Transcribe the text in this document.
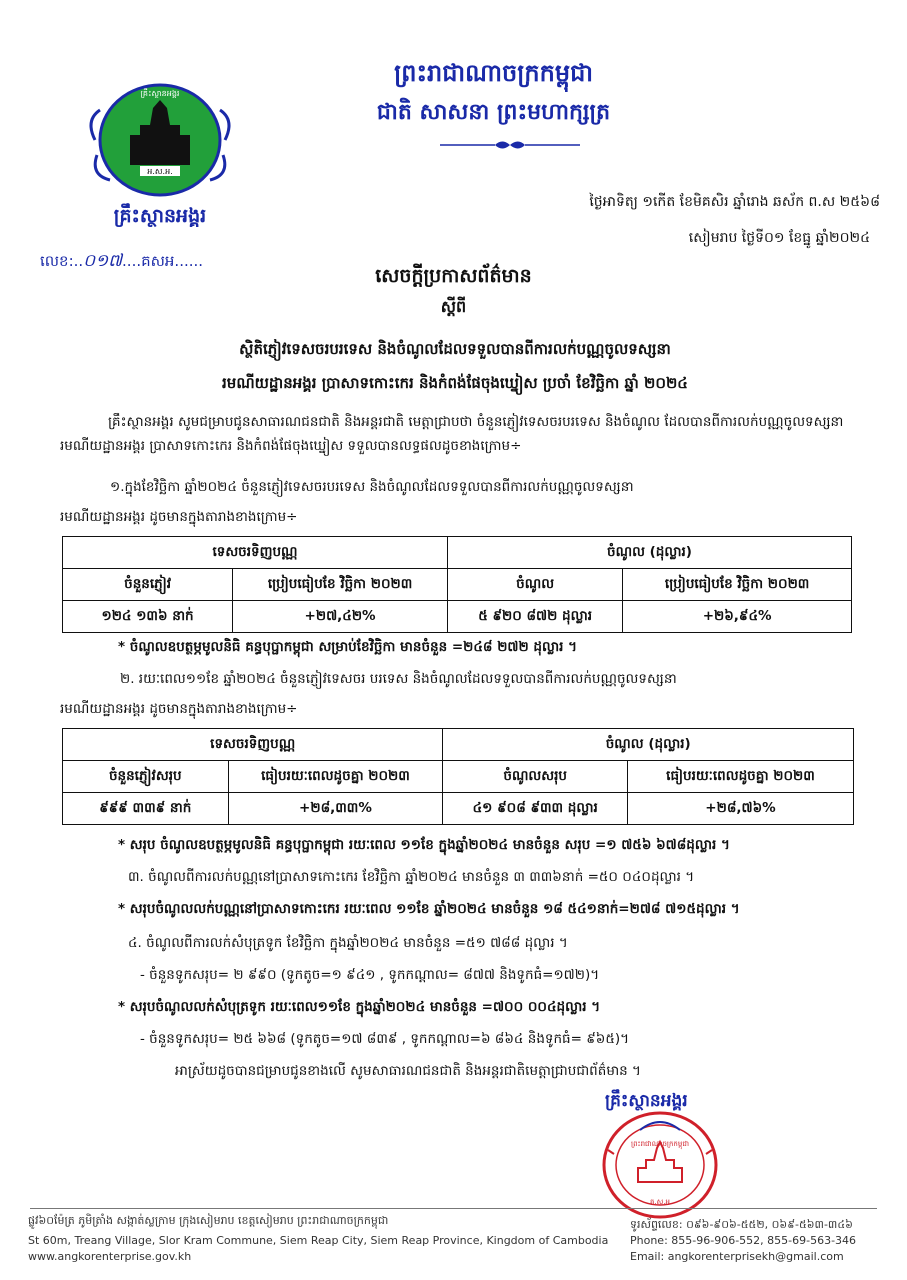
ព្រះរាជាណាចក្រកម្ពុជា
ជាតិ សាសនា ព្រះមហាក្សត្រ
គ្រឹះស្ថានអង្គរ
អ.ស.អ.
គ្រឹះស្ថានអង្គរ
លេខ:..០១៧....គសអ......
ថ្ងៃអាទិត្យ ១កើត ខែមិគសិរ ឆ្នាំរោង ឆស័ក ព.ស ២៥៦៨
សៀមរាប ថ្ងៃទី០១ ខែធ្នូ ឆ្នាំ២០២៤
សេចក្តីប្រកាសព័ត៌មាន
ស្តីពី
ស្ថិតិភ្ញៀវទេសចរបរទេស និងចំណូលដែលទទួលបានពីការលក់បណ្ណចូលទស្សនា
រមណីយដ្ឋានអង្គរ ប្រាសាទកោះកេរ និងកំពង់ផែចុងឃ្នៀស ប្រចាំ ខែវិច្ឆិកា ឆ្នាំ ២០២៤
គ្រឹះស្ថានអង្គរ សូមជម្រាបជូនសាធារណជនជាតិ និងអន្តរជាតិ មេត្តាជ្រាបថា ចំនួនភ្ញៀវទេសចរបរទេស និងចំណូល ដែលបានពីការលក់បណ្ណចូលទស្សនារមណីយដ្ឋានអង្គរ ប្រាសាទកោះកេរ និងកំពង់ផែចុងឃ្នៀស ទទួលបានលទ្ធផលដូចខាងក្រោម÷
១.ក្នុងខែវិច្ឆិកា ឆ្នាំ២០២៤ ចំនួនភ្ញៀវទេសចរបរទេស និងចំណូលដែលទទួលបានពីការលក់បណ្ណចូលទស្សនា
រមណីយដ្ឋានអង្គរ ដូចមានក្នុងតារាងខាងក្រោម÷
ទេសចរទិញបណ្ណ		ចំណូល (ដុល្លារ)	
ចំនួនភ្ញៀវ	ប្រៀបធៀបខែ វិច្ឆិកា ២០២៣	ចំណូល	ប្រៀបធៀបខែ វិច្ឆិកា ២០២៣
១២៤ ១៣៦ នាក់	+២៧,៤២%	៥ ៩២០ ៨៧២ ដុល្លារ	+២៦,៩៤%
* ចំណូលឧបត្ថម្ភមូលនិធិ គន្ធបុប្ផាកម្ពុជា សម្រាប់ខែវិច្ឆិកា មានចំនួន =២៤៨ ២៧២ ដុល្លារ ។
២. រយៈពេល១១ខែ ឆ្នាំ២០២៤ ចំនួនភ្ញៀវទេសចរ បរទេស និងចំណូលដែលទទួលបានពីការលក់បណ្ណចូលទស្សនា
រមណីយដ្ឋានអង្គរ ដូចមានក្នុងតារាងខាងក្រោម÷
ទេសចរទិញបណ្ណ		ចំណូល (ដុល្លារ)	
ចំនួនភ្ញៀវសរុប	ធៀបរយៈពេលដូចគ្នា ២០២៣	ចំណូលសរុប	ធៀបរយៈពេលដូចគ្នា ២០២៣
៩៩៩ ៣៣៩ នាក់	+២៨,៣៣%	៤១ ៩០៨ ៩៣៣ ដុល្លារ	+២៨,៧៦%
* សរុប ចំណូលឧបត្ថម្ភមូលនិធិ គន្ធបុប្ផាកម្ពុជា រយៈពេល ១១ខែ ក្នុងឆ្នាំ២០២៤ មានចំនួន សរុប =១ ៧៥៦ ៦៧៨ដុល្លារ ។
៣. ចំណូលពីការលក់បណ្ណនៅប្រាសាទកោះកេរ ខែវិច្ឆិកា ឆ្នាំ២០២៤ មានចំនួន ៣ ៣៣៦នាក់ =៥០ ០៤០ដុល្លារ ។
* សរុបចំណូលលក់បណ្ណនៅប្រាសាទកោះកេរ រយៈពេល ១១ខែ ឆ្នាំ២០២៤ មានចំនួន ១៨ ៥៤១នាក់=២៧៨ ៧១៥ដុល្លារ ។
៤. ចំណូលពីការលក់សំបុត្រទូក ខែវិច្ឆិកា ក្នុងឆ្នាំ២០២៤ មានចំនួន =៥១ ៧៨៨ ដុល្លារ ។
- ចំនួនទូកសរុប= ២ ៩៩០ (ទូកតូច=១ ៩៤១ , ទូកកណ្តាល= ៨៧៧ និងទូកធំ=១៧២)។
* សរុបចំណូលលក់សំបុត្រទូក រយៈពេល១១ខែ ក្នុងឆ្នាំ២០២៤ មានចំនួន =៧០០ ០០៤ដុល្លារ ។
- ចំនួនទូកសរុប= ២៥ ៦៦៨ (ទូកតូច=១៧ ៨៣៩ , ទូកកណ្តាល=៦ ៨៦៤ និងទូកធំ= ៩៦៥)។
អាស្រ័យដូចបានជម្រាបជូនខាងលើ សូមសាធារណជនជាតិ និងអន្តរជាតិមេត្តាជ្រាបជាព័ត៌មាន ។
គ្រឹះស្ថានអង្គរ
ព្រះរាជាណាចក្រកម្ពុជា
គ.ស.អ
ផ្លូវ៦០ម៉ែត្រ ភូមិត្រាំង សង្កាត់ស្លក្រាម ក្រុងសៀមរាប ខេត្តសៀមរាប ព្រះរាជាណាចក្រកម្ពុជា
St 60m, Treang Village, Slor Kram Commune, Siem Reap City, Siem Reap Province, Kingdom of Cambodia
www.angkorenterprise.gov.kh
ទូរស័ព្ទលេខ: ០៩៦-៩០៦-៥៥២, ០៦៩-៥៦៣-៣៤៦
Phone: 855-96-906-552, 855-69-563-346
Email: angkorenterprisekh@gmail.com
